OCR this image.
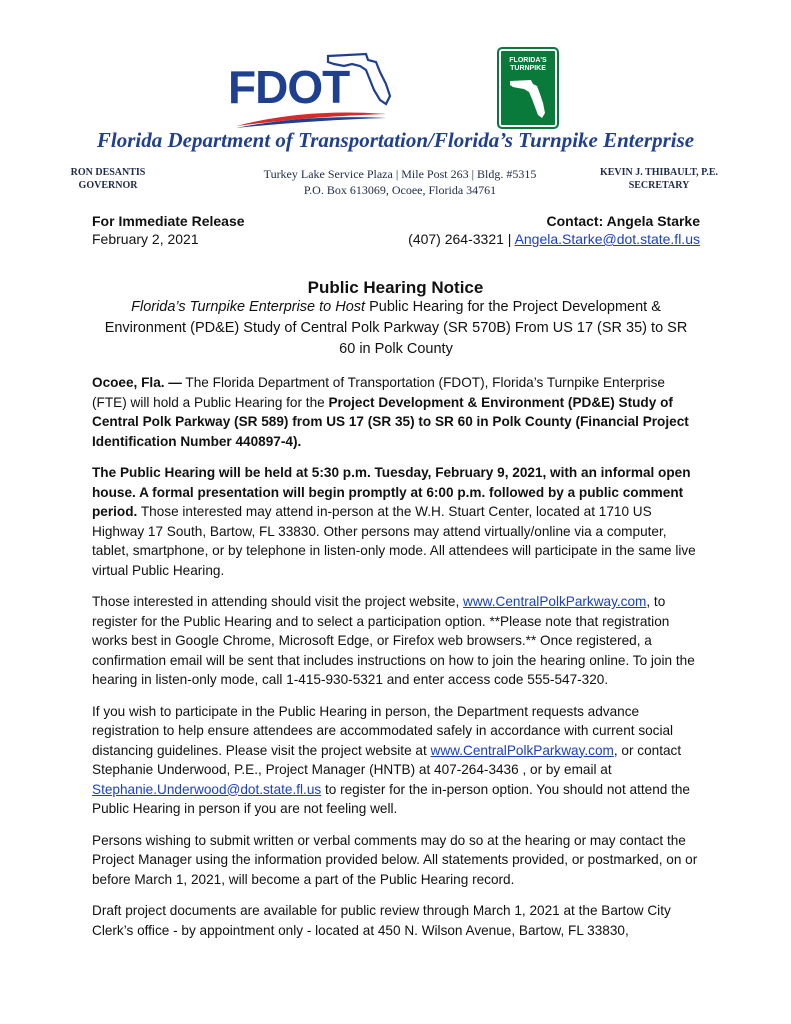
FDOT
FLORIDA'S
TURNPIKE
Florida Department of Transportation/Florida’s Turnpike Enterprise
RON DESANTIS
GOVERNOR
Turkey Lake Service Plaza | Mile Post 263 | Bldg. #5315
P.O. Box 613069, Ocoee, Florida 34761
KEVIN J. THIBAULT, P.E.
SECRETARY
For Immediate Release
February 2, 2021
Contact: Angela Starke
(407) 264-3321 | Angela.Starke@dot.state.fl.us
Public Hearing Notice
Florida’s Turnpike Enterprise to Host Public Hearing for the Project Development & Environment (PD&E) Study of Central Polk Parkway (SR 570B) From US 17 (SR 35) to SR 60 in Polk County

Ocoee, Fla. — The Florida Department of Transportation (FDOT), Florida’s Turnpike Enterprise (FTE) will hold a Public Hearing for the Project Development & Environment (PD&E) Study of Central Polk Parkway (SR 589) from US 17 (SR 35) to SR 60 in Polk County (Financial Project Identification Number 440897-4).

The Public Hearing will be held at 5:30 p.m. Tuesday, February 9, 2021, with an informal open house. A formal presentation will begin promptly at 6:00 p.m. followed by a public comment period. Those interested may attend in-person at the W.H. Stuart Center, located at 1710 US Highway 17 South, Bartow, FL 33830. Other persons may attend virtually/online via a computer, tablet, smartphone, or by telephone in listen-only mode. All attendees will participate in the same live virtual Public Hearing.

Those interested in attending should visit the project website, www.CentralPolkParkway.com, to register for the Public Hearing and to select a participation option. **Please note that registration works best in Google Chrome, Microsoft Edge, or Firefox web browsers.** Once registered, a confirmation email will be sent that includes instructions on how to join the hearing online. To join the hearing in listen-only mode, call 1-415-930-5321 and enter access code 555-547-320.

If you wish to participate in the Public Hearing in person, the Department requests advance registration to help ensure attendees are accommodated safely in accordance with current social distancing guidelines. Please visit the project website at www.CentralPolkParkway.com, or contact Stephanie Underwood, P.E., Project Manager (HNTB) at 407-264-3436 , or by email at Stephanie.Underwood@dot.state.fl.us to register for the in-person option. You should not attend the Public Hearing in person if you are not feeling well.

Persons wishing to submit written or verbal comments may do so at the hearing or may contact the Project Manager using the information provided below. All statements provided, or postmarked, on or before March 1, 2021, will become a part of the Public Hearing record.

Draft project documents are available for public review through March 1, 2021 at the Bartow City Clerk’s office - by appointment only - located at 450 N. Wilson Avenue, Bartow, FL 33830,
